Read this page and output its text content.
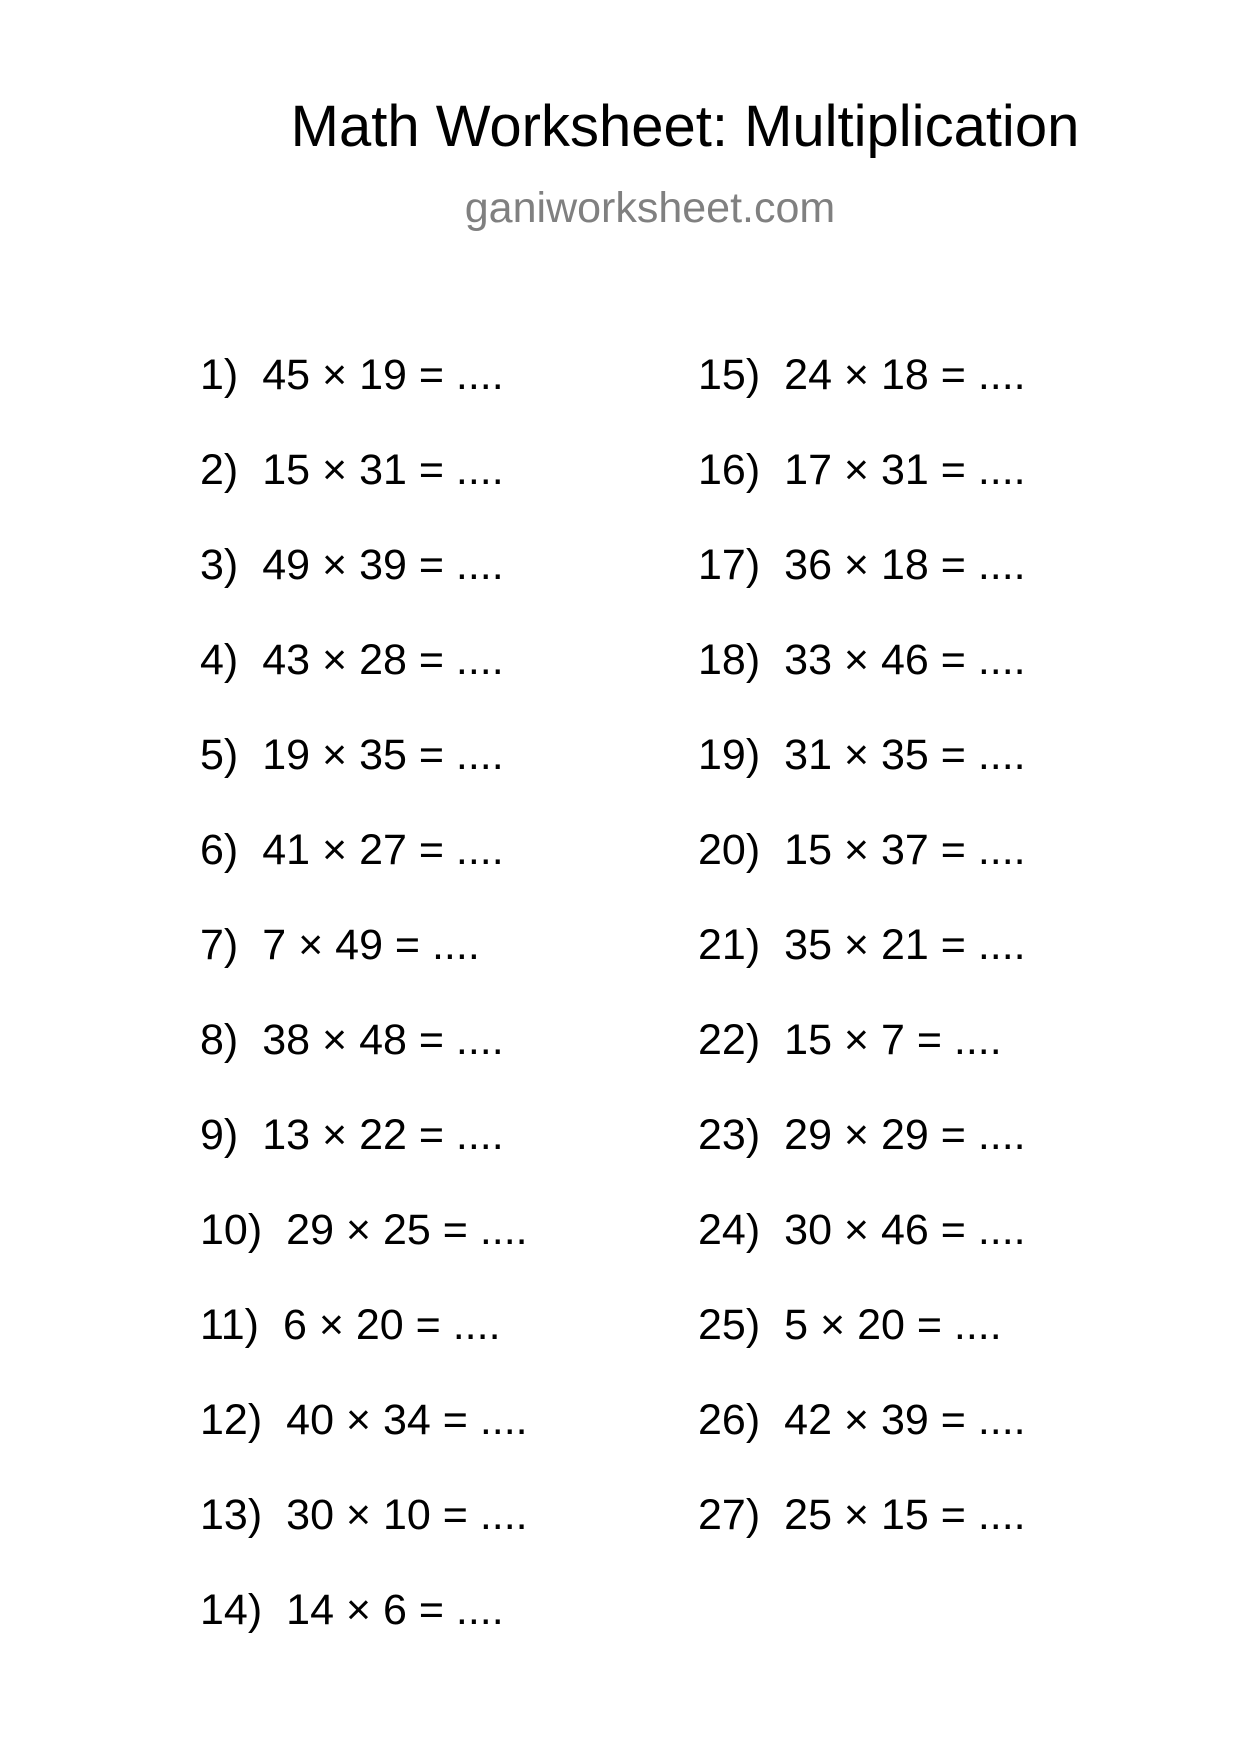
Math Worksheet: Multiplication
ganiworksheet.com
1) 45 × 19 = ....
2) 15 × 31 = ....
3) 49 × 39 = ....
4) 43 × 28 = ....
5) 19 × 35 = ....
6) 41 × 27 = ....
7) 7 × 49 = ....
8) 38 × 48 = ....
9) 13 × 22 = ....
10) 29 × 25 = ....
11) 6 × 20 = ....
12) 40 × 34 = ....
13) 30 × 10 = ....
14) 14 × 6 = ....
15) 24 × 18 = ....
16) 17 × 31 = ....
17) 36 × 18 = ....
18) 33 × 46 = ....
19) 31 × 35 = ....
20) 15 × 37 = ....
21) 35 × 21 = ....
22) 15 × 7 = ....
23) 29 × 29 = ....
24) 30 × 46 = ....
25) 5 × 20 = ....
26) 42 × 39 = ....
27) 25 × 15 = ....
